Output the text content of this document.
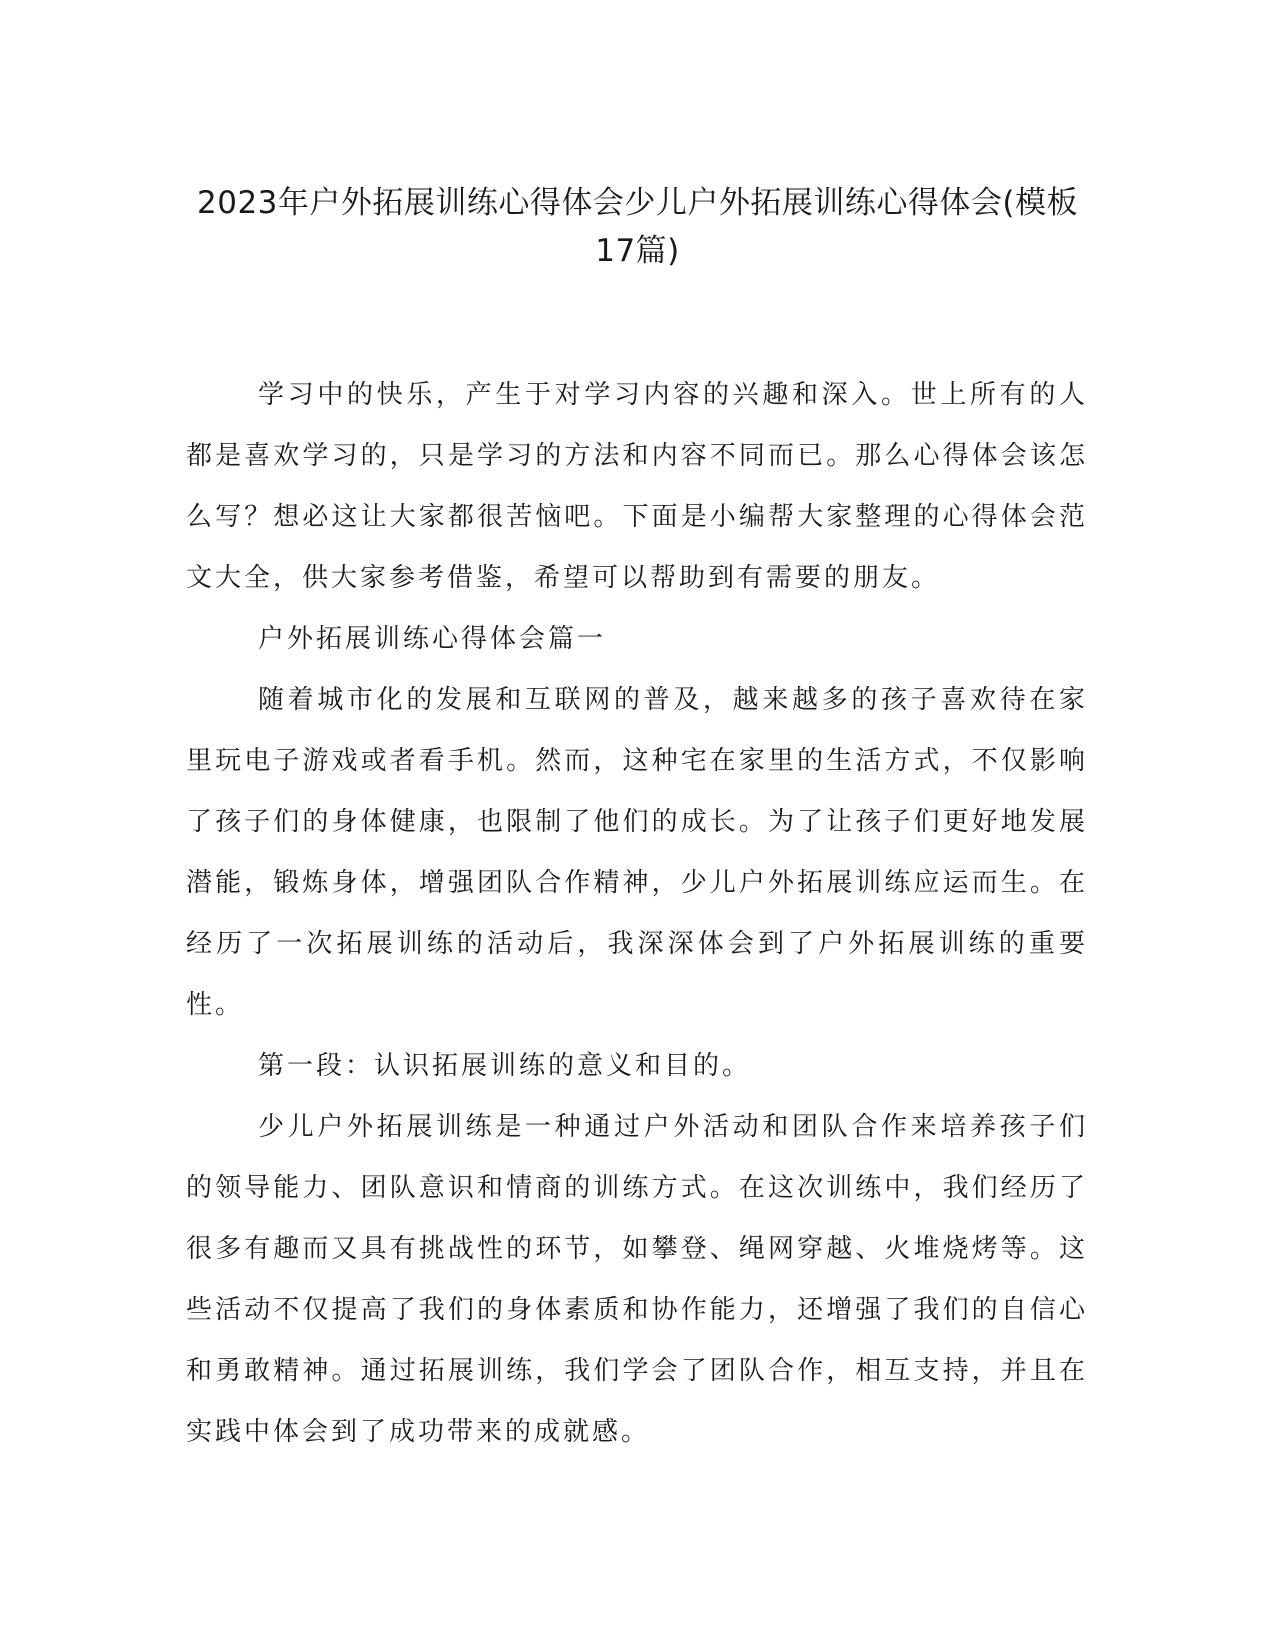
2023年户外拓展训练心得体会少儿户外拓展训练心得体会(模板17篇)

学习中的快乐，产生于对学习内容的兴趣和深入。世上所有的人都是喜欢学习的，只是学习的方法和内容不同而已。那么心得体会该怎么写？想必这让大家都很苦恼吧。下面是小编帮大家整理的心得体会范文大全，供大家参考借鉴，希望可以帮助到有需要的朋友。

户外拓展训练心得体会篇一

随着城市化的发展和互联网的普及，越来越多的孩子喜欢待在家里玩电子游戏或者看手机。然而，这种宅在家里的生活方式，不仅影响了孩子们的身体健康，也限制了他们的成长。为了让孩子们更好地发展潜能，锻炼身体，增强团队合作精神，少儿户外拓展训练应运而生。在经历了一次拓展训练的活动后，我深深体会到了户外拓展训练的重要性。

第一段：认识拓展训练的意义和目的。

少儿户外拓展训练是一种通过户外活动和团队合作来培养孩子们的领导能力、团队意识和情商的训练方式。在这次训练中，我们经历了很多有趣而又具有挑战性的环节，如攀登、绳网穿越、火堆烧烤等。这些活动不仅提高了我们的身体素质和协作能力，还增强了我们的自信心和勇敢精神。通过拓展训练，我们学会了团队合作，相互支持，并且在实践中体会到了成功带来的成就感。
